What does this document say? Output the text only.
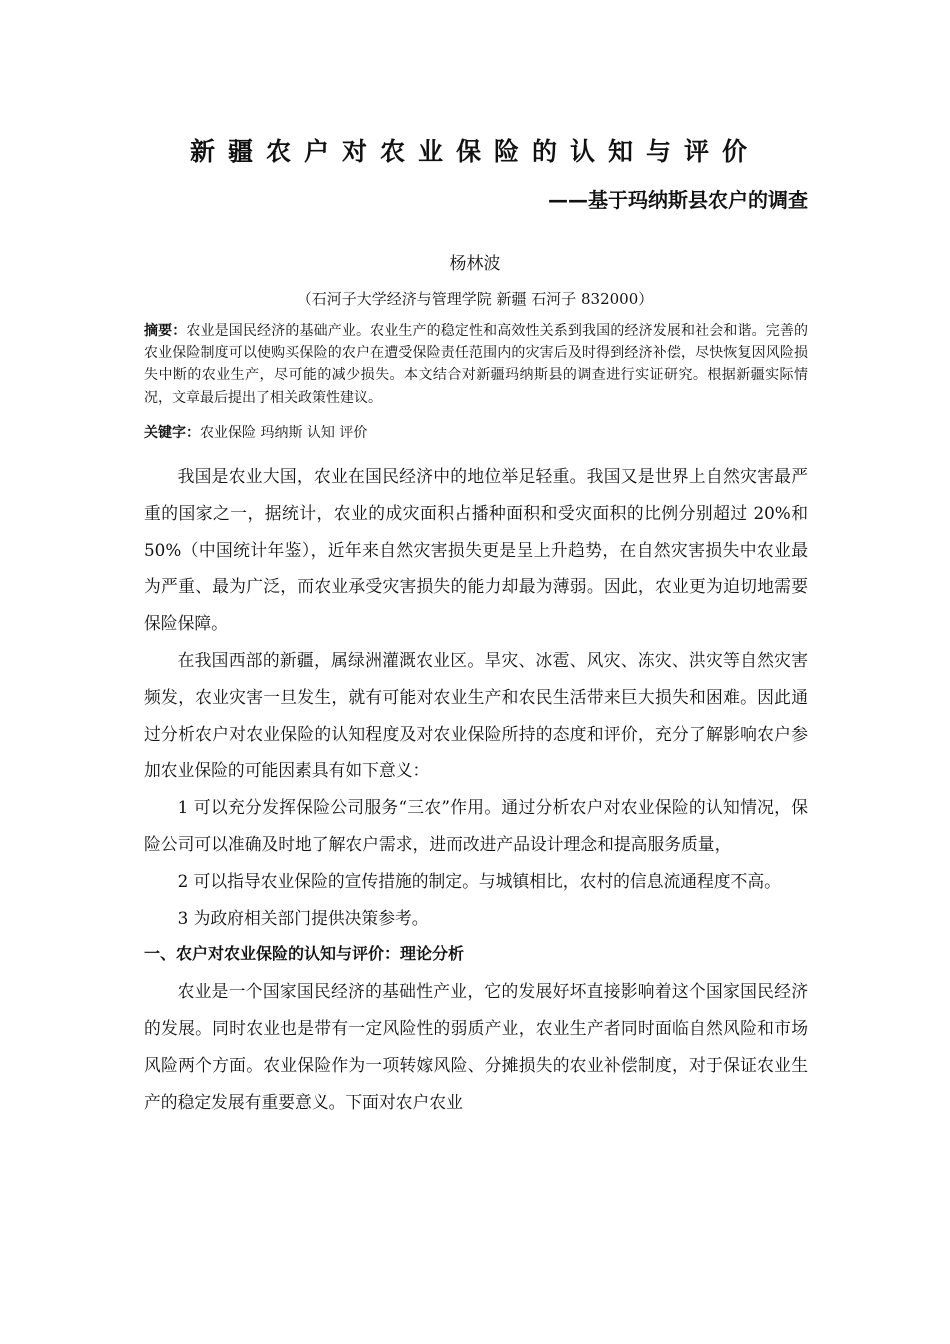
新疆农户对农业保险的认知与评价
——基于玛纳斯县农户的调查
杨林波
（石河子大学经济与管理学院 新疆 石河子 832000）
摘要：农业是国民经济的基础产业。农业生产的稳定性和高效性关系到我国的经济发展和社会和谐。完善的农业保险制度可以使购买保险的农户在遭受保险责任范围内的灾害后及时得到经济补偿，尽快恢复因风险损失中断的农业生产，尽可能的减少损失。本文结合对新疆玛纳斯县的调查进行实证研究。根据新疆实际情况，文章最后提出了相关政策性建议。
关键字：农业保险 玛纳斯 认知 评价

我国是农业大国，农业在国民经济中的地位举足轻重。我国又是世界上自然灾害最严重的国家之一，据统计，农业的成灾面积占播种面积和受灾面积的比例分别超过 20%和 50%（中国统计年鉴），近年来自然灾害损失更是呈上升趋势，在自然灾害损失中农业最为严重、最为广泛，而农业承受灾害损失的能力却最为薄弱。因此，农业更为迫切地需要保险保障。

在我国西部的新疆，属绿洲灌溉农业区。旱灾、冰雹、风灾、冻灾、洪灾等自然灾害频发，农业灾害一旦发生，就有可能对农业生产和农民生活带来巨大损失和困难。因此通过分析农户对农业保险的认知程度及对农业保险所持的态度和评价，充分了解影响农户参加农业保险的可能因素具有如下意义：

1 可以充分发挥保险公司服务“三农”作用。通过分析农户对农业保险的认知情况，保险公司可以准确及时地了解农户需求，进而改进产品设计理念和提高服务质量，

2 可以指导农业保险的宣传措施的制定。与城镇相比，农村的信息流通程度不高。

3 为政府相关部门提供决策参考。

一、农户对农业保险的认知与评价：理论分析

农业是一个国家国民经济的基础性产业，它的发展好坏直接影响着这个国家国民经济的发展。同时农业也是带有一定风险性的弱质产业，农业生产者同时面临自然风险和市场风险两个方面。农业保险作为一项转嫁风险、分摊损失的农业补偿制度，对于保证农业生产的稳定发展有重要意义。下面对农户农业
